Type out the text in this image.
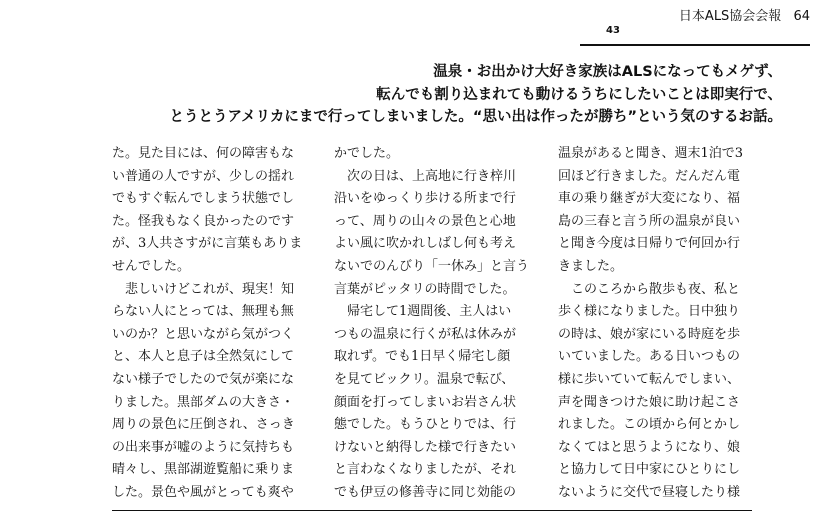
日本ALS協会会報 64
43
温泉・お出かけ大好き家族はALSになってもメゲず、
転んでも割り込まれても動けるうちにしたいことは即実行で、
とうとうアメリカにまで行ってしまいました。“思い出は作ったが勝ち”という気のするお話。
た。見た目には、何の障害もな
い普通の人ですが、少しの揺れ
でもすぐ転んでしまう状態でし
た。怪我もなく良かったのです
が、3人共さすがに言葉もありま
せんでした。
　悲しいけどこれが、現実！知
らない人にとっては、無理も無
いのか？と思いながら気がつく
と、本人と息子は全然気にして
ない様子でしたので気が楽にな
りました。黒部ダムの大きさ・
周りの景色に圧倒され、さっき
の出来事が嘘のように気持ちも
晴々し、黒部湖遊覧船に乗りま
した。景色や風がとっても爽や
かでした。
　次の日は、上高地に行き梓川
沿いをゆっくり歩ける所まで行
って、周りの山々の景色と心地
よい風に吹かれしばし何も考え
ないでのんびり「一休み」と言う
言葉がピッタリの時間でした。
　帰宅して1週間後、主人はい
つもの温泉に行くが私は休みが
取れず。でも1日早く帰宅し顔
を見てビックリ。温泉で転び、
顔面を打ってしまいお岩さん状
態でした。もうひとりでは、行
けないと納得した様で行きたい
と言わなくなりましたが、それ
でも伊豆の修善寺に同じ効能の
温泉があると聞き、週末1泊で3
回ほど行きました。だんだん電
車の乗り継ぎが大変になり、福
島の三春と言う所の温泉が良い
と聞き今度は日帰りで何回か行
きました。
　このころから散歩も夜、私と
歩く様になりました。日中独り
の時は、娘が家にいる時庭を歩
いていました。ある日いつもの
様に歩いていて転んでしまい、
声を聞きつけた娘に助け起こさ
れました。この頃から何とかし
なくてはと思うようになり、娘
と協力して日中家にひとりにし
ないように交代で昼寝したり様
